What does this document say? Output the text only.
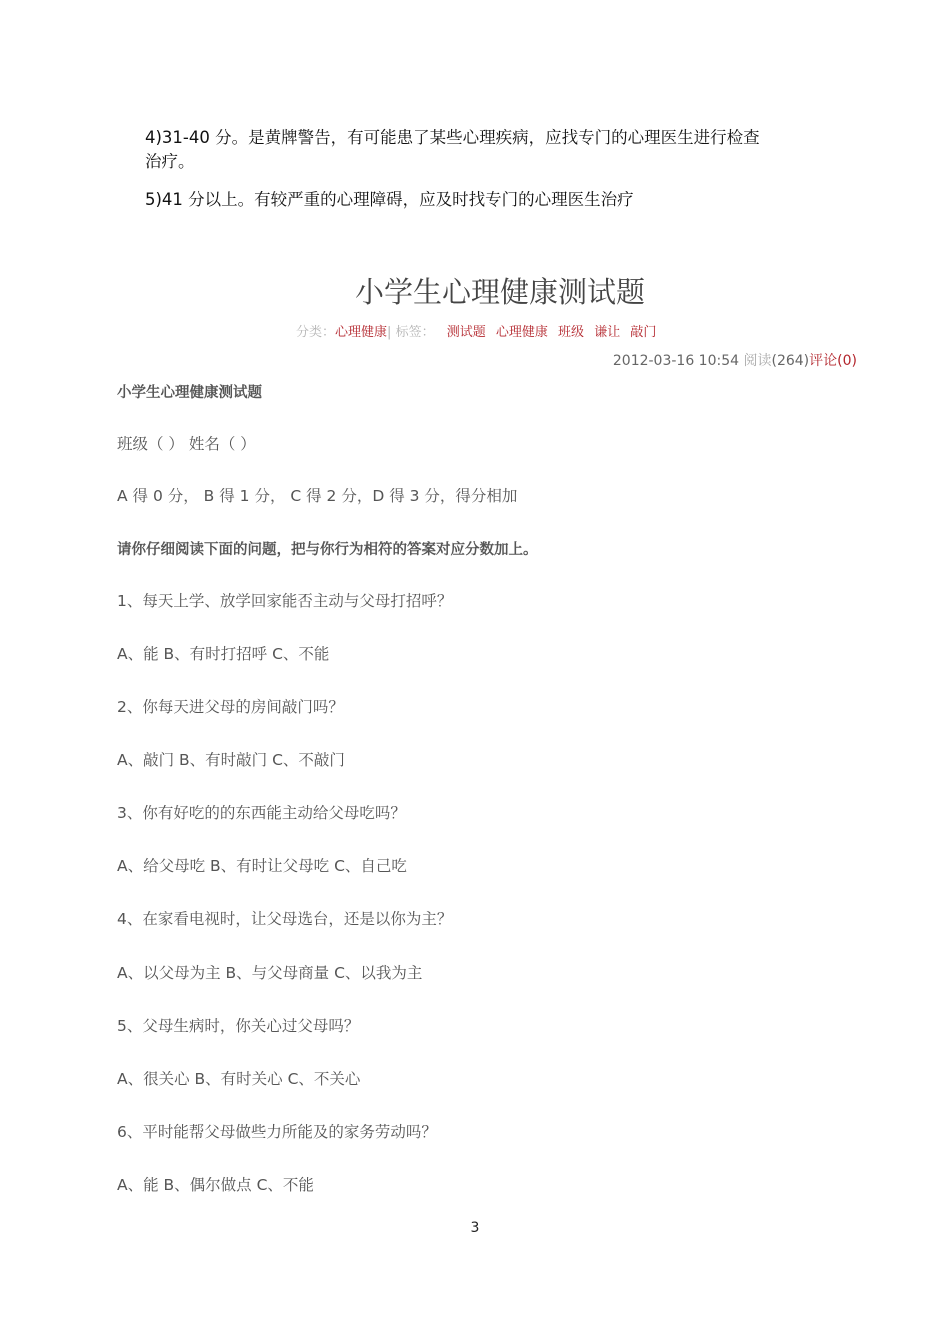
4)31-40 分。是黄牌警告，有可能患了某些心理疾病，应找专门的心理医生进行检查
治疗。
5)41 分以上。有较严重的心理障碍，应及时找专门的心理医生治疗
小学生心理健康测试题
分类：心理健康| 标签： 测试题 心理健康 班级 谦让 敲门
2012-03-16 10:54 阅读(264)评论(0)
小学生心理健康测试题
班级（ ） 姓名（ ）
A 得 0 分， B 得 1 分， C 得 2 分，D 得 3 分，得分相加
请你仔细阅读下面的问题，把与你行为相符的答案对应分数加上。
1、每天上学、放学回家能否主动与父母打招呼？
A、能 B、有时打招呼 C、不能
2、你每天进父母的房间敲门吗？
A、敲门 B、有时敲门 C、不敲门
3、你有好吃的的东西能主动给父母吃吗？
A、给父母吃 B、有时让父母吃 C、自己吃
4、在家看电视时，让父母选台，还是以你为主？
A、以父母为主 B、与父母商量 C、以我为主
5、父母生病时，你关心过父母吗？
A、很关心 B、有时关心 C、不关心
6、平时能帮父母做些力所能及的家务劳动吗？
A、能 B、偶尔做点 C、不能
3
